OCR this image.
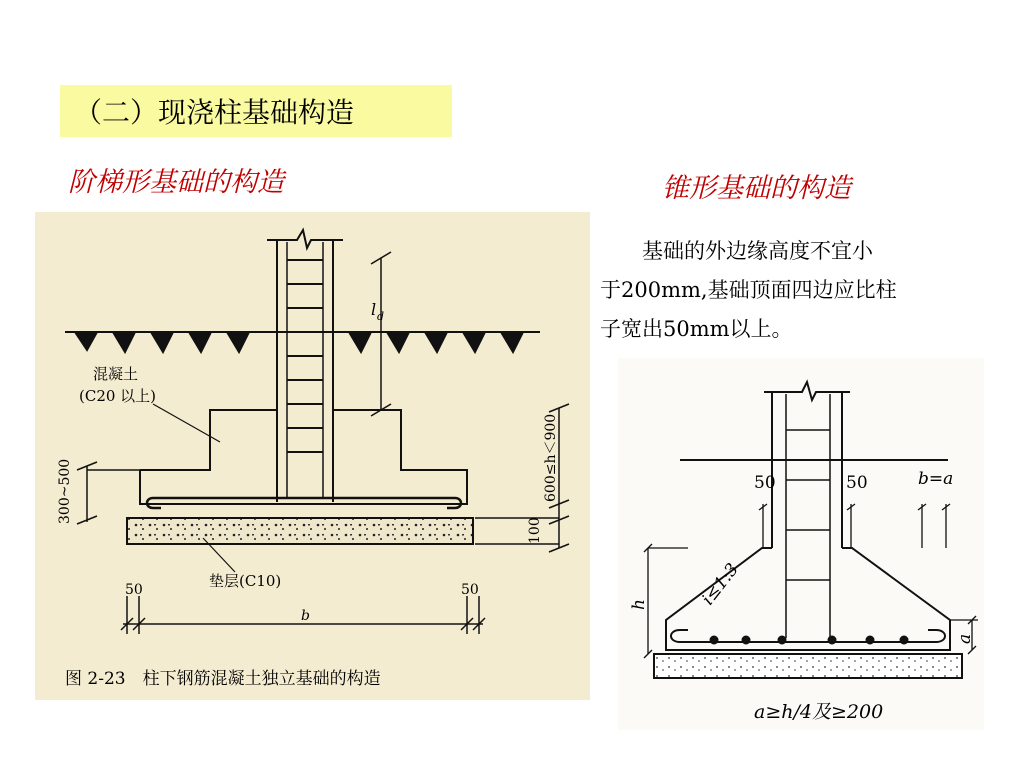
（二）现浇柱基础构造
阶梯形基础的构造	锥形基础的构造

基础的外边缘高度不宜小

于200mm,基础顶面四边应比柱

子宽出50mm以上。

l d
600≤h＜900
100
300~500
混凝土
(C20 以上)
垫层(C10)
50	50
b
图 2-23　柱下钢筋混凝土独立基础的构造
50	50	b=a
i≤1:3
h
a
a≥h/4及≥200
